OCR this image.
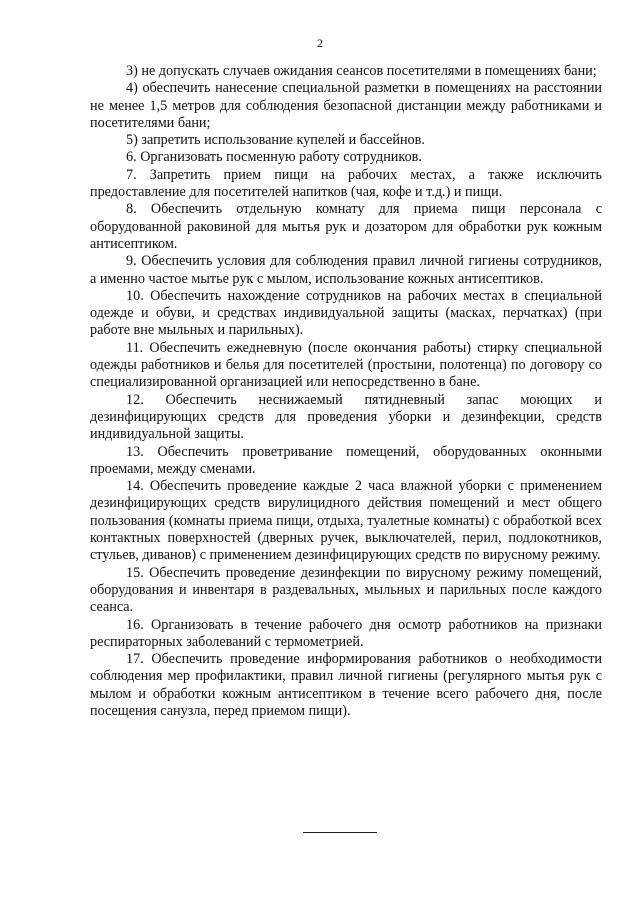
2

3) не допускать случаев ожидания сеансов посетителями в помещениях бани;

4) обеспечить нанесение специальной разметки в помещениях на расстоянии не менее 1,5 метров для соблюдения безопасной дистанции между работниками и посетителями бани;

5) запретить использование купелей и бассейнов.

6. Организовать посменную работу сотрудников.

7. Запретить прием пищи на рабочих местах, а также исключить предоставление для посетителей напитков (чая, кофе и т.д.) и пищи.

8. Обеспечить отдельную комнату для приема пищи персонала с оборудованной раковиной для мытья рук и дозатором для обработки рук кожным антисептиком.

9. Обеспечить условия для соблюдения правил личной гигиены сотрудников, а именно частое мытье рук с мылом, использование кожных антисептиков.

10. Обеспечить нахождение сотрудников на рабочих местах в специальной одежде и обуви, и средствах индивидуальной защиты (масках, перчатках) (при работе вне мыльных и парильных).

11. Обеспечить ежедневную (после окончания работы) стирку специальной одежды работников и белья для посетителей (простыни, полотенца) по договору со специализированной организацией или непосредственно в бане.

12. Обеспечить неснижаемый пятидневный запас моющих и дезинфицирующих средств для проведения уборки и дезинфекции, средств индивидуальной защиты.

13. Обеспечить проветривание помещений, оборудованных оконными проемами, между сменами.

14. Обеспечить проведение каждые 2 часа влажной уборки с применением дезинфицирующих средств вирулицидного действия помещений и мест общего пользования (комнаты приема пищи, отдыха, туалетные комнаты) с обработкой всех контактных поверхностей (дверных ручек, выключателей, перил, подлокотников, стульев, диванов) с применением дезинфицирующих средств по вирусному режиму.

15. Обеспечить проведение дезинфекции по вирусному режиму помещений, оборудования и инвентаря в раздевальных, мыльных и парильных после каждого сеанса.

16. Организовать в течение рабочего дня осмотр работников на признаки респираторных заболеваний с термометрией.

17. Обеспечить проведение информирования работников о необходимости соблюдения мер профилактики, правил личной гигиены (регулярного мытья рук с мылом и обработки кожным антисептиком в течение всего рабочего дня, после посещения санузла, перед приемом пищи).
